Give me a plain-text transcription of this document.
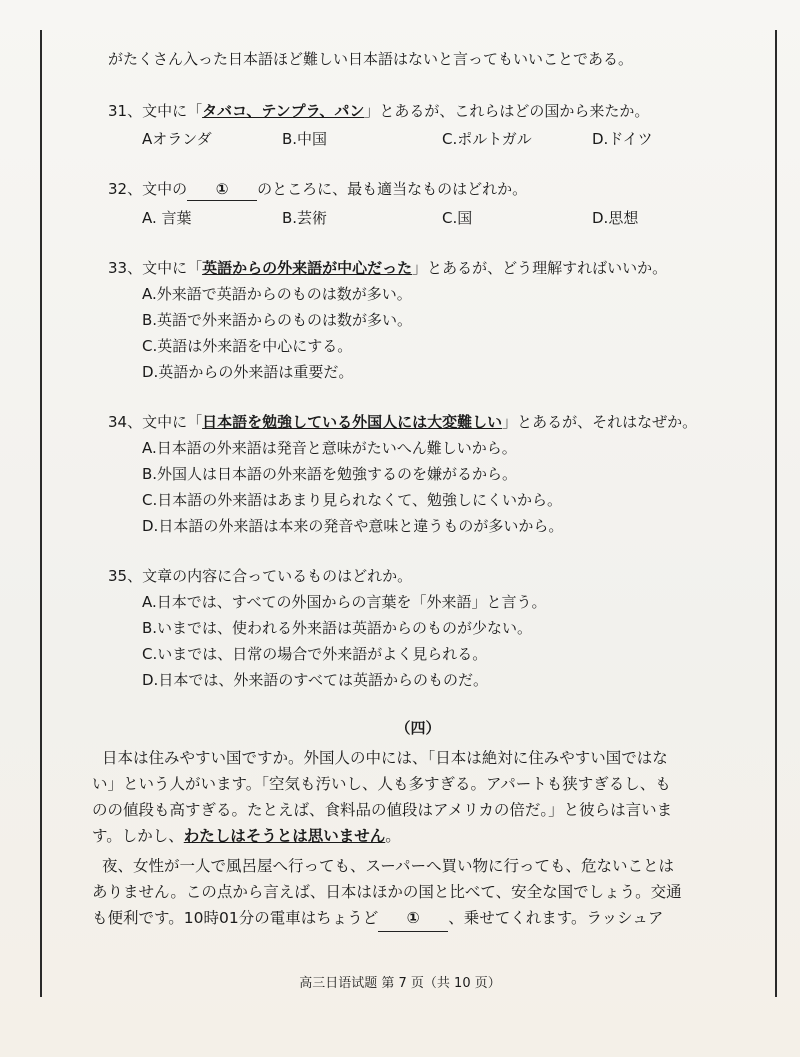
がたくさん入った日本語ほど難しい日本語はないと言ってもいいことである。
31、文中に「タバコ、テンプラ、パン」とあるが、これらはどの国から来たか。
Aオランダ	B.中国	C.ポルトガル	D.ドイツ
32、文中の ① のところに、最も適当なものはどれか。
A. 言葉	B.芸術	C.国	D.思想
33、文中に「英語からの外来語が中心だった」とあるが、どう理解すればいいか。
A.外来語で英語からのものは数が多い。
B.英語で外来語からのものは数が多い。
C.英語は外来語を中心にする。
D.英語からの外来語は重要だ。
34、文中に「日本語を勉強している外国人には大変難しい」とあるが、それはなぜか。
A.日本語の外来語は発音と意味がたいへん難しいから。
B.外国人は日本語の外来語を勉強するのを嫌がるから。
C.日本語の外来語はあまり見られなくて、勉強しにくいから。
D.日本語の外来語は本来の発音や意味と違うものが多いから。
35、文章の内容に合っているものはどれか。
A.日本では、すべての外国からの言葉を「外来語」と言う。
B.いまでは、使われる外来語は英語からのものが少ない。
C.いまでは、日常の場合で外来語がよく見られる。
D.日本では、外来語のすべては英語からのものだ。
（四）
日本は住みやすい国ですか。外国人の中には、「日本は絶対に住みやすい国ではな
い」という人がいます。「空気も汚いし、人も多すぎる。アパートも狭すぎるし、も
のの値段も高すぎる。たとえば、食料品の値段はアメリカの倍だ。」と彼らは言いま
す。しかし、わたしはそうとは思いません。
夜、女性が一人で風呂屋へ行っても、スーパーへ買い物に行っても、危ないことは
ありません。この点から言えば、日本はほかの国と比べて、安全な国でしょう。交通
も便利です。10時01分の電車はちょうど ① 、乗せてくれます。ラッシュア
高三日语试题 第 7 页（共 10 页）
